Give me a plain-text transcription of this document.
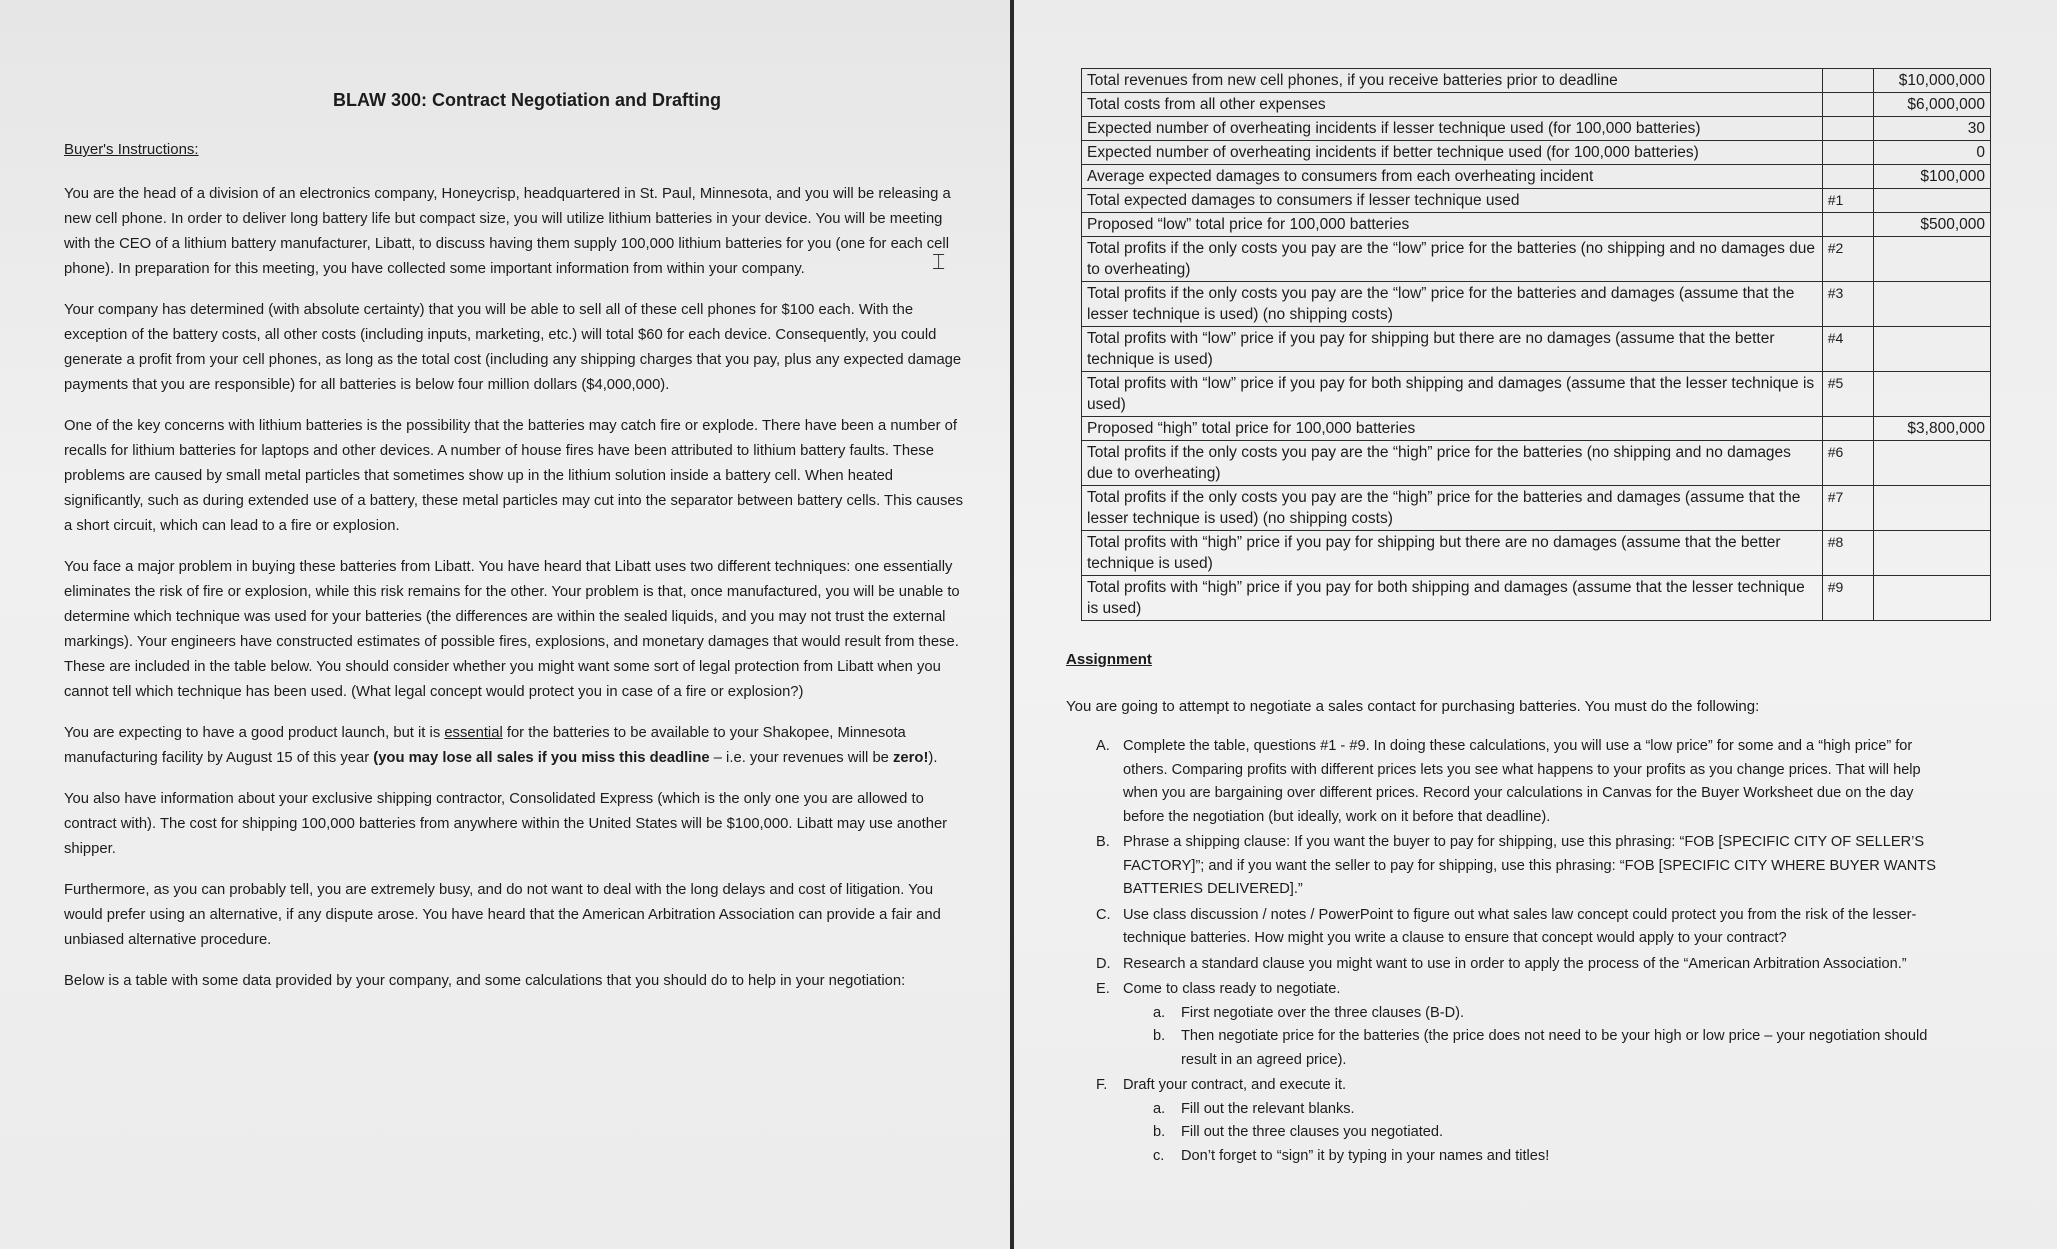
BLAW 300: Contract Negotiation and Drafting
Buyer's Instructions:

You are the head of a division of an electronics company, Honeycrisp, headquartered in St. Paul, Minnesota, and you will be releasing a new cell phone. In order to deliver long battery life but compact size, you will utilize lithium batteries in your device. You will be meeting with the CEO of a lithium battery manufacturer, Libatt, to discuss having them supply 100,000 lithium batteries for you (one for each cell phone). In preparation for this meeting, you have collected some important information from within your company.

Your company has determined (with absolute certainty) that you will be able to sell all of these cell phones for $100 each. With the exception of the battery costs, all other costs (including inputs, marketing, etc.) will total $60 for each device. Consequently, you could generate a profit from your cell phones, as long as the total cost (including any shipping charges that you pay, plus any expected damage payments that you are responsible) for all batteries is below four million dollars ($4,000,000).

One of the key concerns with lithium batteries is the possibility that the batteries may catch fire or explode. There have been a number of recalls for lithium batteries for laptops and other devices. A number of house fires have been attributed to lithium battery faults. These problems are caused by small metal particles that sometimes show up in the lithium solution inside a battery cell. When heated significantly, such as during extended use of a battery, these metal particles may cut into the separator between battery cells. This causes a short circuit, which can lead to a fire or explosion.

You face a major problem in buying these batteries from Libatt. You have heard that Libatt uses two different techniques: one essentially eliminates the risk of fire or explosion, while this risk remains for the other. Your problem is that, once manufactured, you will be unable to determine which technique was used for your batteries (the differences are within the sealed liquids, and you may not trust the external markings). Your engineers have constructed estimates of possible fires, explosions, and monetary damages that would result from these. These are included in the table below. You should consider whether you might want some sort of legal protection from Libatt when you cannot tell which technique has been used. (What legal concept would protect you in case of a fire or explosion?)

You are expecting to have a good product launch, but it is essential for the batteries to be available to your Shakopee, Minnesota manufacturing facility by August 15 of this year (you may lose all sales if you miss this deadline – i.e. your revenues will be zero!).

You also have information about your exclusive shipping contractor, Consolidated Express (which is the only one you are allowed to contract with). The cost for shipping 100,000 batteries from anywhere within the United States will be $100,000. Libatt may use another shipper.

Furthermore, as you can probably tell, you are extremely busy, and do not want to deal with the long delays and cost of litigation. You would prefer using an alternative, if any dispute arose. You have heard that the American Arbitration Association can provide a fair and unbiased alternative procedure.

Below is a table with some data provided by your company, and some calculations that you should do to help in your negotiation:

⌶
Total revenues from new cell phones, if you receive batteries prior to deadline		$10,000,000
Total costs from all other expenses		$6,000,000
Expected number of overheating incidents if lesser technique used (for 100,000 batteries)		30
Expected number of overheating incidents if better technique used (for 100,000 batteries)		0
Average expected damages to consumers from each overheating incident		$100,000
Total expected damages to consumers if lesser technique used	#1	
Proposed “low” total price for 100,000 batteries		$500,000
Total profits if the only costs you pay are the “low” price for the batteries (no shipping and no damages due to overheating)	#2	
Total profits if the only costs you pay are the “low” price for the batteries and damages (assume that the lesser technique is used) (no shipping costs)	#3	
Total profits with “low” price if you pay for shipping but there are no damages (assume that the better technique is used)	#4	
Total profits with “low” price if you pay for both shipping and damages (assume that the lesser technique is used)	#5	
Proposed “high” total price for 100,000 batteries		$3,800,000
Total profits if the only costs you pay are the “high” price for the batteries (no shipping and no damages due to overheating)	#6	
Total profits if the only costs you pay are the “high” price for the batteries and damages (assume that the lesser technique is used) (no shipping costs)	#7	
Total profits with “high” price if you pay for shipping but there are no damages (assume that the better technique is used)	#8	
Total profits with “high” price if you pay for both shipping and damages (assume that the lesser technique is used)	#9	
Assignment
You are going to attempt to negotiate a sales contact for purchasing batteries. You must do the following:
A. Complete the table, questions #1 - #9. In doing these calculations, you will use a “low price” for some and a “high price” for others. Comparing profits with different prices lets you see what happens to your profits as you change prices. That will help when you are bargaining over different prices. Record your calculations in Canvas for the Buyer Worksheet due on the day before the negotiation (but ideally, work on it before that deadline).
B. Phrase a shipping clause: If you want the buyer to pay for shipping, use this phrasing: “FOB [SPECIFIC CITY OF SELLER’S FACTORY]”; and if you want the seller to pay for shipping, use this phrasing: “FOB [SPECIFIC CITY WHERE BUYER WANTS BATTERIES DELIVERED].”
C. Use class discussion / notes / PowerPoint to figure out what sales law concept could protect you from the risk of the lesser-technique batteries. How might you write a clause to ensure that concept would apply to your contract?
D. Research a standard clause you might want to use in order to apply the process of the “American Arbitration Association.”
E. Come to class ready to negotiate.
a. First negotiate over the three clauses (B-D).
b. Then negotiate price for the batteries (the price does not need to be your high or low price – your negotiation should result in an agreed price).
F. Draft your contract, and execute it.
a. Fill out the relevant blanks.
b. Fill out the three clauses you negotiated.
c. Don’t forget to “sign” it by typing in your names and titles!
